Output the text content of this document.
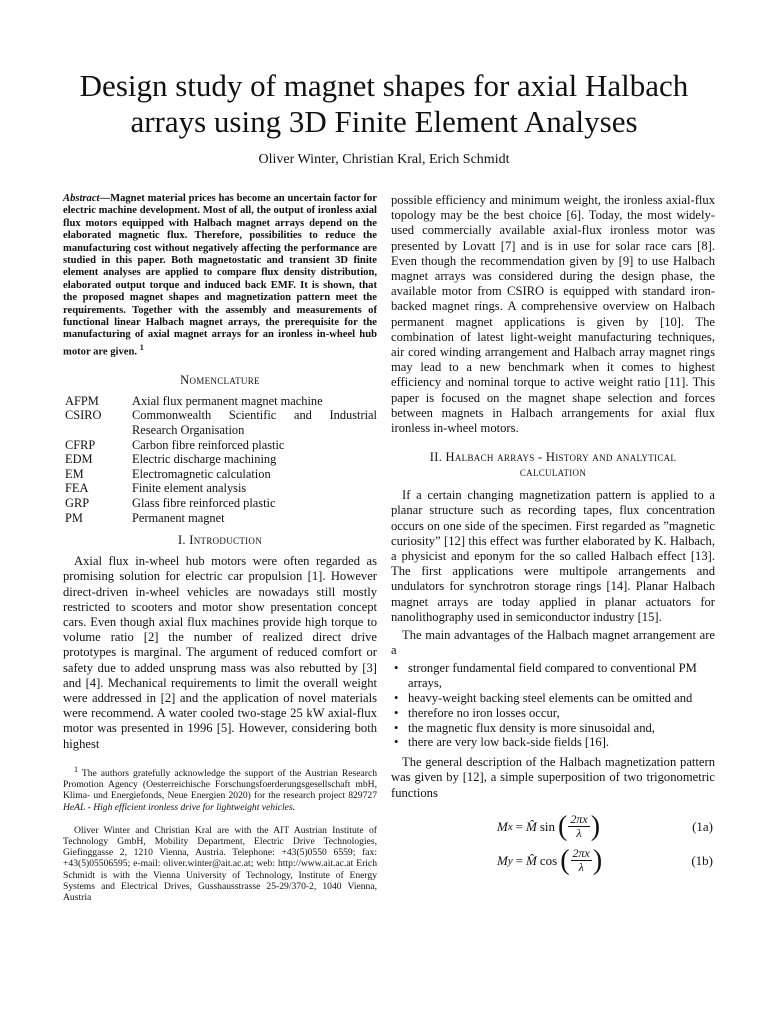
Design study of magnet shapes for axial Halbach arrays using 3D Finite Element Analyses

Oliver Winter, Christian Kral, Erich Schmidt

Abstract—Magnet material prices has become an uncertain factor for electric machine development. Most of all, the output of ironless axial flux motors equipped with Halbach magnet arrays depend on the elaborated magnetic flux. Therefore, possibilities to reduce the manufacturing cost without negatively affecting the performance are studied in this paper. Both magnetostatic and transient 3D finite element analyses are applied to compare flux density distribution, elaborated output torque and induced back EMF. It is shown, that the proposed magnet shapes and magnetization pattern meet the requirements. Together with the assembly and measurements of functional linear Halbach magnet arrays, the prerequisite for the manufacturing of axial magnet arrays for an ironless in-wheel hub motor are given. $^1$

Nomenclature

AFPM	Axial flux permanent magnet machine
CSIRO	Commonwealth Scientific and Industrial Research Organisation
CFRP	Carbon fibre reinforced plastic
EDM	Electric discharge machining
EM	Electromagnetic calculation
FEA	Finite element analysis
GRP	Glass fibre reinforced plastic
PM	Permanent magnet

I. Introduction

Axial flux in-wheel hub motors were often regarded as promising solution for electric car propulsion [1]. However direct-driven in-wheel vehicles are nowadays still mostly restricted to scooters and motor show presentation concept cars. Even though axial flux machines provide high torque to volume ratio [2] the number of realized direct drive prototypes is marginal. The argument of reduced comfort or safety due to added unsprung mass was also rebutted by [3] and [4]. Mechanical requirements to limit the overall weight were addressed in [2] and the application of novel materials were recommend. A water cooled two-stage 25 kW axial-flux motor was presented in 1996 [5]. However, considering both highest

$^1$ The authors gratefully acknowledge the support of the Austrian Research Promotion Agency (Oesterreichische Forschungsfoerderungsgesellschaft mbH, Klima- und Energiefonds, Neue Energien 2020) for the research project 829727 HeAL - High efficient ironless drive for lightweight vehicles.

Oliver Winter and Christian Kral are with the AIT Austrian Institute of Technology GmbH, Mobility Department, Electric Drive Technologies, Giefinggasse 2, 1210 Vienna, Austria. Telephone: +43(5)0550 6559; fax: +43(5)05506595; e-mail: oliver.winter@ait.ac.at; web: http://www.ait.ac.at Erich Schmidt is with the Vienna University of Technology, Institute of Energy Systems and Electrical Drives, Gusshausstrasse 25-29/370-2, 1040 Vienna, Austria

possible efficiency and minimum weight, the ironless axial-flux topology may be the best choice [6]. Today, the most widely-used commercially available axial-flux ironless motor was presented by Lovatt [7] and is in use for solar race cars [8]. Even though the recommendation given by [9] to use Halbach magnet arrays was considered during the design phase, the available motor from CSIRO is equipped with standard iron-backed magnet rings. A comprehensive overview on Halbach permanent magnet applications is given by [10]. The combination of latest light-weight manufacturing techniques, air cored winding arrangement and Halbach array magnet rings may lead to a new benchmark when it comes to highest efficiency and nominal torque to active weight ratio [11]. This paper is focused on the magnet shape selection and forces between magnets in Halbach arrangements for axial flux ironless in-wheel motors.

II. Halbach arrays - History and analytical
calculation

If a certain changing magnetization pattern is applied to a planar structure such as recording tapes, flux concentration occurs on one side of the specimen. First regarded as ”magnetic curiosity” [12] this effect was further elaborated by K. Halbach, a physicist and eponym for the so called Halbach effect [13]. The first applications were multipole arrangements and undulators for synchrotron storage rings [14]. Planar Halbach magnet arrays are today applied in planar actuators for nanolithography used in semiconductor industry [15].

The main advantages of the Halbach magnet arrangement are a

• stronger fundamental field compared to conventional PM arrays,
• heavy-weight backing steel elements can be omitted and
• therefore no iron losses occur,
• the magnetic flux density is more sinusoidal and,
• there are very low back-side fields [16].

The general description of the Halbach magnetization pattern was given by [12], a simple superposition of two trigonometric functions

M x = M̂ sin ( $\frac{2\pi x}{\lambda}$ )	(1a)
M y = M̂ cos ( $\frac{2\pi x}{\lambda}$ )	(1b)
